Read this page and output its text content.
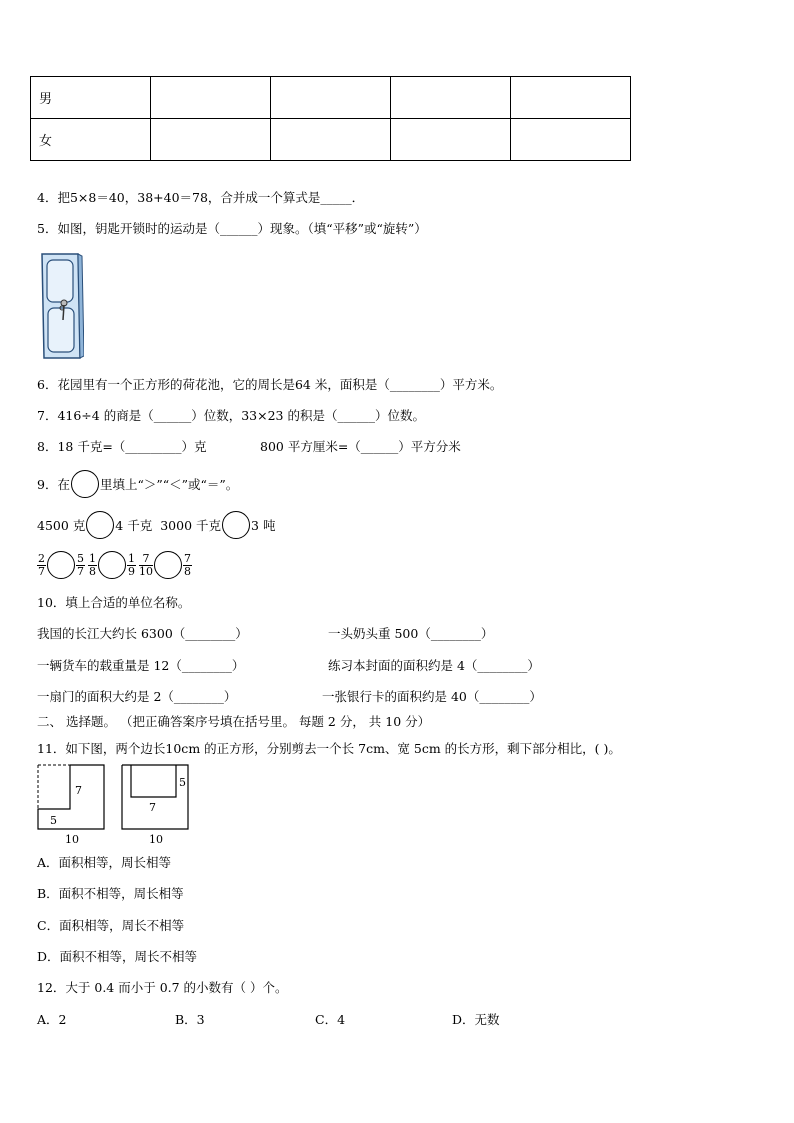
男				
女				
4．把5×8＝40，38+40＝78，合并成一个算式是_____．
5．如图，钥匙开锁时的运动是（______）现象。（填“平移”或“旋转”）
6．花园里有一个正方形的荷花池，它的周长是64 米，面积是（________）平方米。
7．416÷4 的商是（______）位数，33×23 的积是（______）位数。
8．18 千克=（_________）克	800 平方厘米=（______）平方分米
9．在 里填上“＞”“＜”或“＝”。
4500 克 4 千克 3000 千克 3 吨
$\frac{2}{7}$	$\frac{5}{7} \frac{1}{8}$	$\frac{1}{9} \frac{7}{10}$	$\frac{7}{8}$
10．填上合适的单位名称。
我国的长江大约长 6300（________）	一头奶头重 500（________）
一辆货车的载重量是 12（________）	练习本封面的面积约是 4（________）
一扇门的面积大约是 2（________）	一张银行卡的面积约是 40（________）
二、 选择题。 （把正确答案序号填在括号里。 每题 2 分， 共 10 分）
11．如下图，两个边长10cm 的正方形，分别剪去一个长 7cm、宽 5cm 的长方形，剩下部分相比，( )。
7
5
10
5
7
10
A．面积相等，周长相等
B．面积不相等，周长相等
C．面积相等，周长不相等
D．面积不相等，周长不相等
12．大于 0.4 而小于 0.7 的小数有（ ）个。
A．2	B．3	C．4	D．无数
